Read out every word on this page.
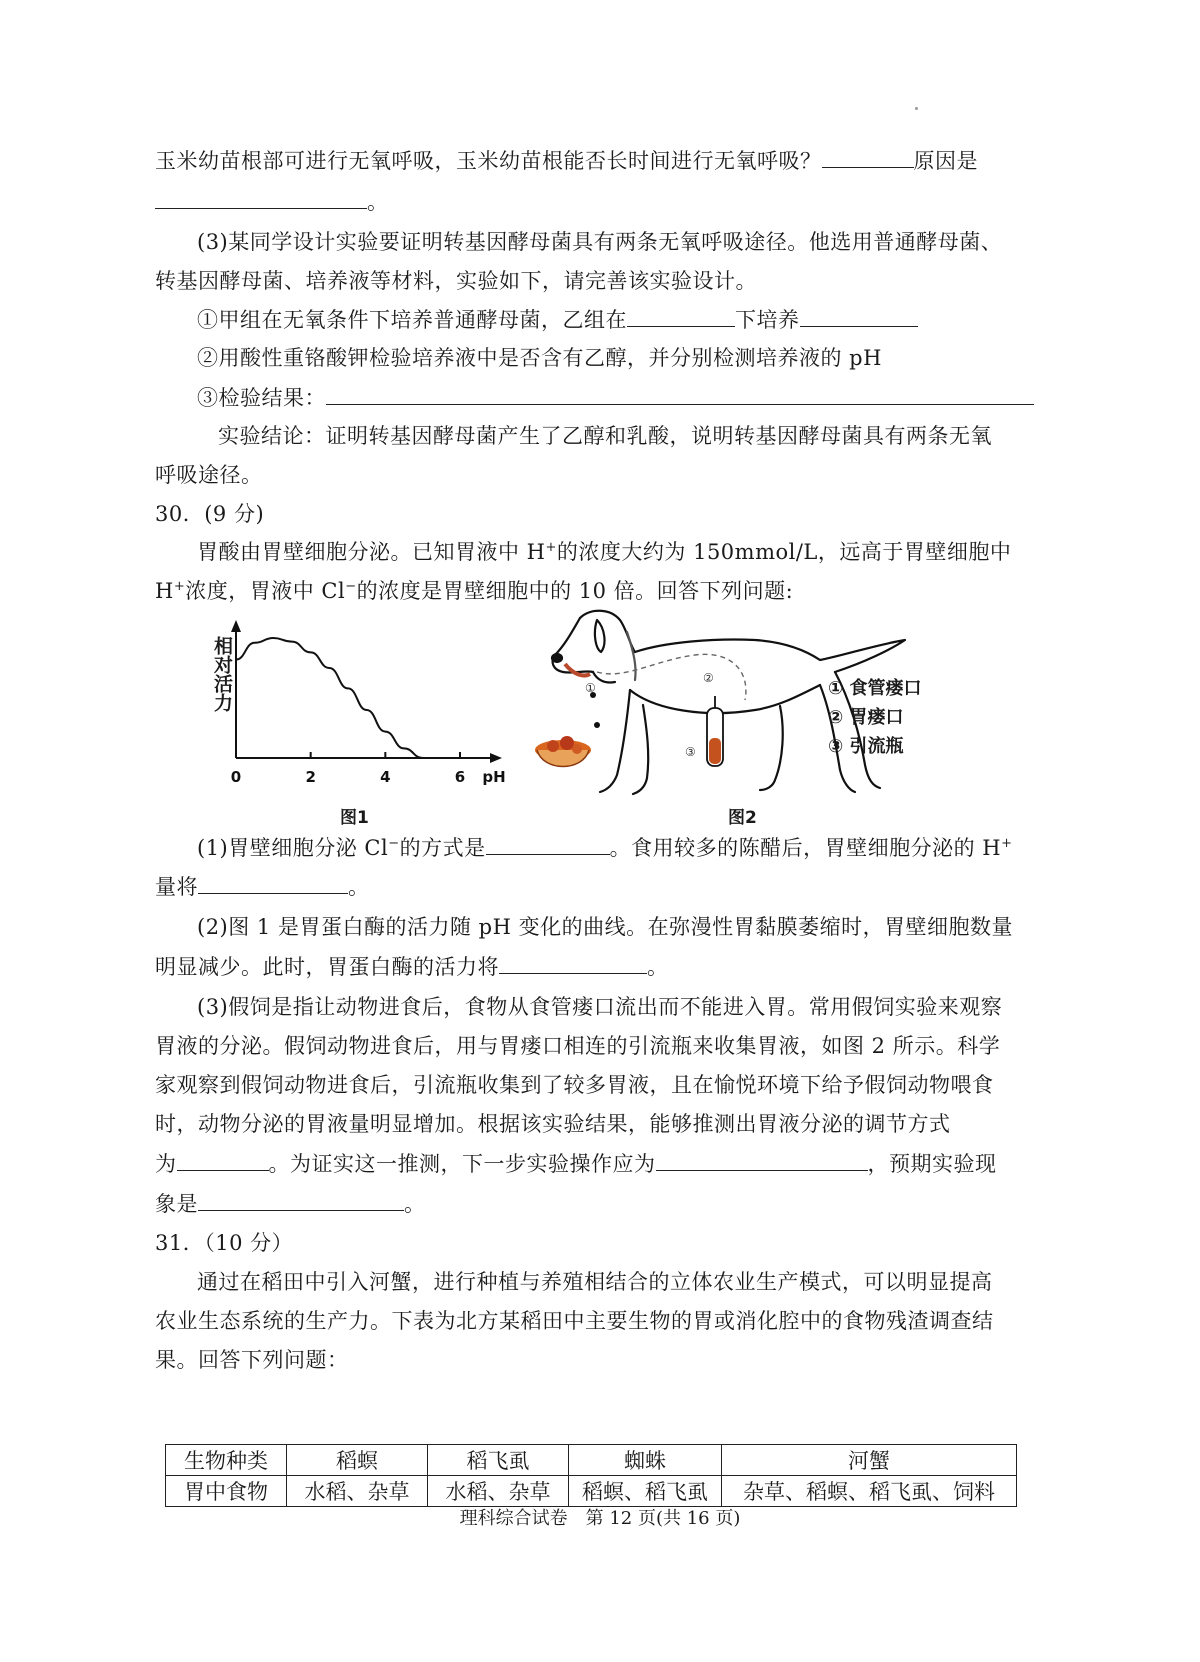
玉米幼苗根部可进行无氧呼吸，玉米幼苗根能否长时间进行无氧呼吸？	原因是
。
(3)某同学设计实验要证明转基因酵母菌具有两条无氧呼吸途径。他选用普通酵母菌、
转基因酵母菌、培养液等材料，实验如下，请完善该实验设计。
①甲组在无氧条件下培养普通酵母菌，乙组在	下培养
②用酸性重铬酸钾检验培养液中是否含有乙醇，并分别检测培养液的 pH
③检验结果：
实验结论：证明转基因酵母菌产生了乙醇和乳酸，说明转基因酵母菌具有两条无氧
呼吸途径。
30．(9 分)
胃酸由胃壁细胞分泌。已知胃液中 H+的浓度大约为 150mmol/L，远高于胃壁细胞中
H+浓度，胃液中 Cl−的浓度是胃壁细胞中的 10 倍。回答下列问题:
0	2	4	6 pH
相对活力
图1
①
②
③
① 食管瘘口
② 胃瘘口
③ 引流瓶
图2
(1)胃壁细胞分泌 Cl−的方式是	。食用较多的陈醋后，胃壁细胞分泌的 H+
量将	。
(2)图 1 是胃蛋白酶的活力随 pH 变化的曲线。在弥漫性胃黏膜萎缩时，胃壁细胞数量
明显减少。此时，胃蛋白酶的活力将	。
(3)假饲是指让动物进食后，食物从食管瘘口流出而不能进入胃。常用假饲实验来观察
胃液的分泌。假饲动物进食后，用与胃瘘口相连的引流瓶来收集胃液，如图 2 所示。科学
家观察到假饲动物进食后，引流瓶收集到了较多胃液，且在愉悦环境下给予假饲动物喂食
时，动物分泌的胃液量明显增加。根据该实验结果，能够推测出胃液分泌的调节方式
为	。为证实这一推测，下一步实验操作应为	，预期实验现
象是	。
31．（10 分）
通过在稻田中引入河蟹，进行种植与养殖相结合的立体农业生产模式，可以明显提高
农业生态系统的生产力。下表为北方某稻田中主要生物的胃或消化腔中的食物残渣调查结
果。回答下列问题：
生物种类	稻螟	稻飞虱	蜘蛛	河蟹
胃中食物	水稻、杂草	水稻、杂草	稻螟、稻飞虱	杂草、稻螟、稻飞虱、饲料
理科综合试卷　第 12 页(共 16 页)
